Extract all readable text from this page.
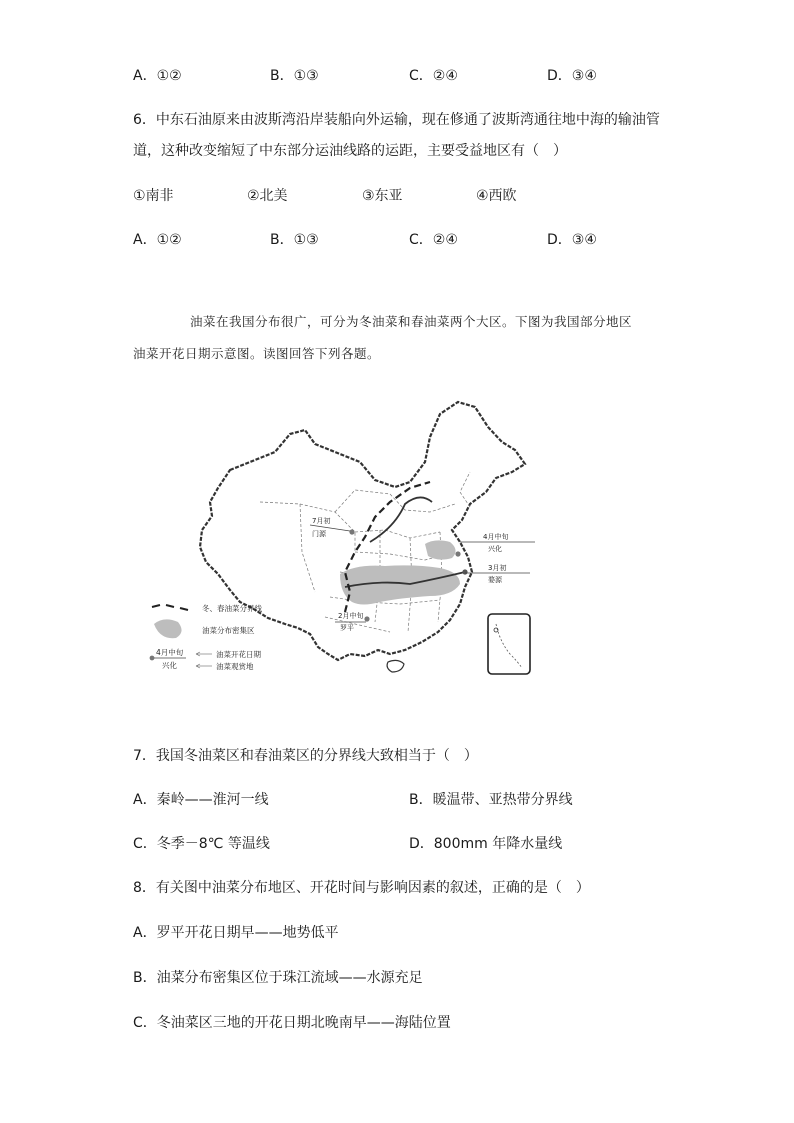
A．①②	B．①③	C．②④	D．③④
6．中东石油原来由波斯湾沿岸装船向外运输，现在修通了波斯湾通往地中海的输油管
道，这种改变缩短了中东部分运油线路的运距，主要受益地区有（　）
①南非	②北美	③东亚	④西欧
A．①②	B．①③	C．②④	D．③④
油菜在我国分布很广，可分为冬油菜和春油菜两个大区。下图为我国部分地区
油菜开花日期示意图。读图回答下列各题。
7月初
门源	4月中旬
兴化
3月初
婺源
2月中旬
罗平
冬、春油菜分界线
油菜分布密集区
4月中旬
兴化
油菜开花日期
油菜观赏地
7．我国冬油菜区和春油菜区的分界线大致相当于（　）
A．秦岭——淮河一线	B．暖温带、亚热带分界线
C．冬季－8℃ 等温线	D．800mm 年降水量线
8．有关图中油菜分布地区、开花时间与影响因素的叙述，正确的是（　）
A．罗平开花日期早——地势低平
B．油菜分布密集区位于珠江流域——水源充足
C．冬油菜区三地的开花日期北晚南早——海陆位置
